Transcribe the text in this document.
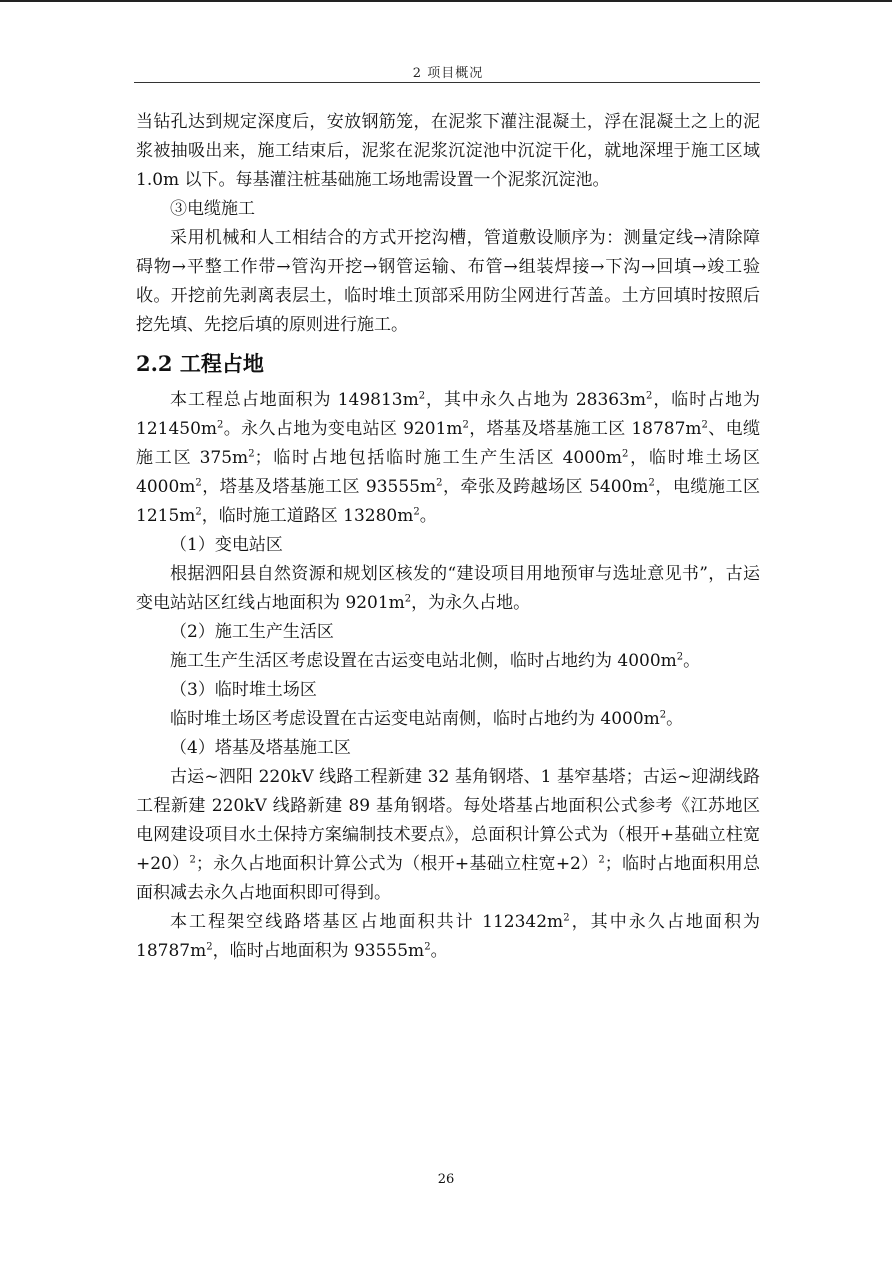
2 项目概况

当钻孔达到规定深度后，安放钢筋笼，在泥浆下灌注混凝土，浮在混凝土之上的泥浆被抽吸出来，施工结束后，泥浆在泥浆沉淀池中沉淀干化，就地深埋于施工区域 1.0m 以下。每基灌注桩基础施工场地需设置一个泥浆沉淀池。

③电缆施工

采用机械和人工相结合的方式开挖沟槽，管道敷设顺序为：测量定线→清除障碍物→平整工作带→管沟开挖→钢管运输、布管→组装焊接→下沟→回填→竣工验收。开挖前先剥离表层土，临时堆土顶部采用防尘网进行苫盖。土方回填时按照后挖先填、先挖后填的原则进行施工。

2.2 工程占地

本工程总占地面积为 $149813m^2$，其中永久占地为 $28363m^2$，临时占地为 $121450m^2$。永久占地为变电站区 $9201m^2$，塔基及塔基施工区 $18787m^2$、电缆施工区 $375m^2$；临时占地包括临时施工生产生活区 $4000m^2$，临时堆土场区 $4000m^2$，塔基及塔基施工区 $93555m^2$，牵张及跨越场区 $5400m^2$，电缆施工区 $1215m^2$，临时施工道路区 $13280m^2$。

（1）变电站区

根据泗阳县自然资源和规划区核发的“建设项目用地预审与选址意见书”，古运变电站站区红线占地面积为 $9201m^2$，为永久占地。

（2）施工生产生活区

施工生产生活区考虑设置在古运变电站北侧，临时占地约为 $4000m^2$。

（3）临时堆土场区

临时堆土场区考虑设置在古运变电站南侧，临时占地约为 $4000m^2$。

（4）塔基及塔基施工区

古运~泗阳 220kV 线路工程新建 32 基角钢塔、1 基窄基塔；古运~迎湖线路工程新建 220kV 线路新建 89 基角钢塔。每处塔基占地面积公式参考《江苏地区电网建设项目水土保持方案编制技术要点》，总面积计算公式为（根开+基础立柱宽+20）$^2$；永久占地面积计算公式为（根开+基础立柱宽+2）$^2$；临时占地面积用总面积减去永久占地面积即可得到。

本工程架空线路塔基区占地面积共计 $112342m^2$，其中永久占地面积为 $18787m^2$，临时占地面积为 $93555m^2$。

26
